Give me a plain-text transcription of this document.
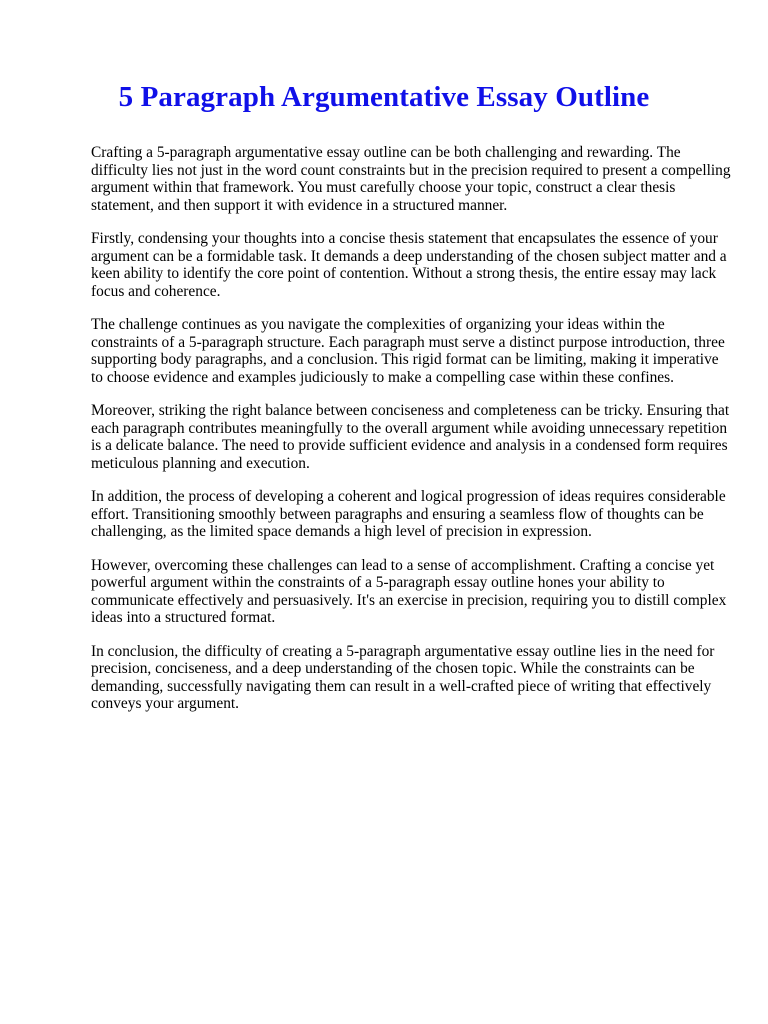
5 Paragraph Argumentative Essay Outline

Crafting a 5-paragraph argumentative essay outline can be both challenging and rewarding. The difficulty lies not just in the word count constraints but in the precision required to present a compelling argument within that framework. You must carefully choose your topic, construct a clear thesis statement, and then support it with evidence in a structured manner.

Firstly, condensing your thoughts into a concise thesis statement that encapsulates the essence of your argument can be a formidable task. It demands a deep understanding of the chosen subject matter and a keen ability to identify the core point of contention. Without a strong thesis, the entire essay may lack focus and coherence.

The challenge continues as you navigate the complexities of organizing your ideas within the constraints of a 5-paragraph structure. Each paragraph must serve a distinct purpose introduction, three supporting body paragraphs, and a conclusion. This rigid format can be limiting, making it imperative to choose evidence and examples judiciously to make a compelling case within these confines.

Moreover, striking the right balance between conciseness and completeness can be tricky. Ensuring that each paragraph contributes meaningfully to the overall argument while avoiding unnecessary repetition is a delicate balance. The need to provide sufficient evidence and analysis in a condensed form requires meticulous planning and execution.

In addition, the process of developing a coherent and logical progression of ideas requires considerable effort. Transitioning smoothly between paragraphs and ensuring a seamless flow of thoughts can be challenging, as the limited space demands a high level of precision in expression.

However, overcoming these challenges can lead to a sense of accomplishment. Crafting a concise yet powerful argument within the constraints of a 5-paragraph essay outline hones your ability to communicate effectively and persuasively. It's an exercise in precision, requiring you to distill complex ideas into a structured format.

In conclusion, the difficulty of creating a 5-paragraph argumentative essay outline lies in the need for precision, conciseness, and a deep understanding of the chosen topic. While the constraints can be demanding, successfully navigating them can result in a well-crafted piece of writing that effectively conveys your argument.
